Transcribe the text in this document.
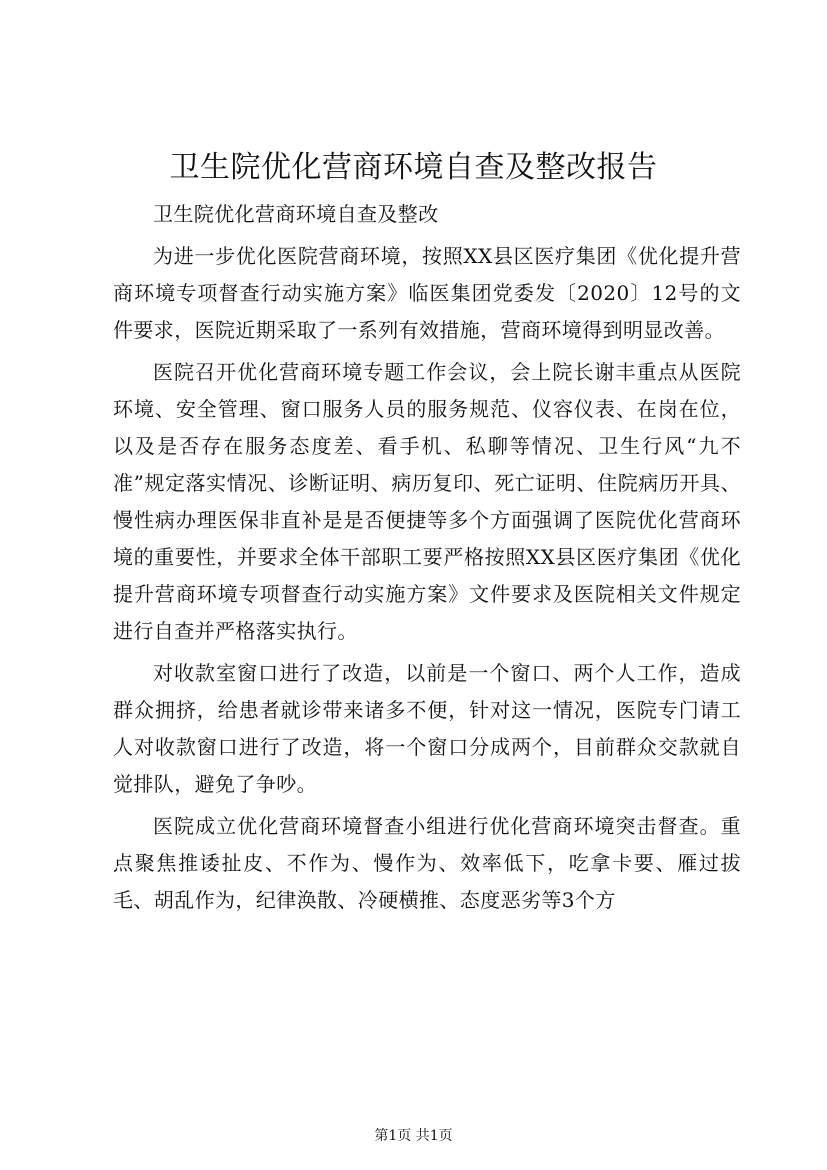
卫生院优化营商环境自查及整改报告

卫生院优化营商环境自查及整改

为进一步优化医院营商环境，按照XX县区医疗集团《优化提升营商环境专项督查行动实施方案》临医集团党委发〔2020〕12号的文件要求，医院近期采取了一系列有效措施，营商环境得到明显改善。

医院召开优化营商环境专题工作会议，会上院长谢丰重点从医院环境、安全管理、窗口服务人员的服务规范、仪容仪表、在岗在位，以及是否存在服务态度差、看手机、私聊等情况、卫生行风“九不准”规定落实情况、诊断证明、病历复印、死亡证明、住院病历开具、慢性病办理医保非直补是是否便捷等多个方面强调了医院优化营商环境的重要性，并要求全体干部职工要严格按照XX县区医疗集团《优化提升营商环境专项督查行动实施方案》文件要求及医院相关文件规定进行自查并严格落实执行。

对收款室窗口进行了改造，以前是一个窗口、两个人工作，造成群众拥挤，给患者就诊带来诸多不便，针对这一情况，医院专门请工人对收款窗口进行了改造，将一个窗口分成两个，目前群众交款就自觉排队，避免了争吵。

医院成立优化营商环境督查小组进行优化营商环境突击督查。重点聚焦推诿扯皮、不作为、慢作为、效率低下，吃拿卡要、雁过拔毛、胡乱作为，纪律涣散、冷硬横推、态度恶劣等3个方

第1页 共1页
